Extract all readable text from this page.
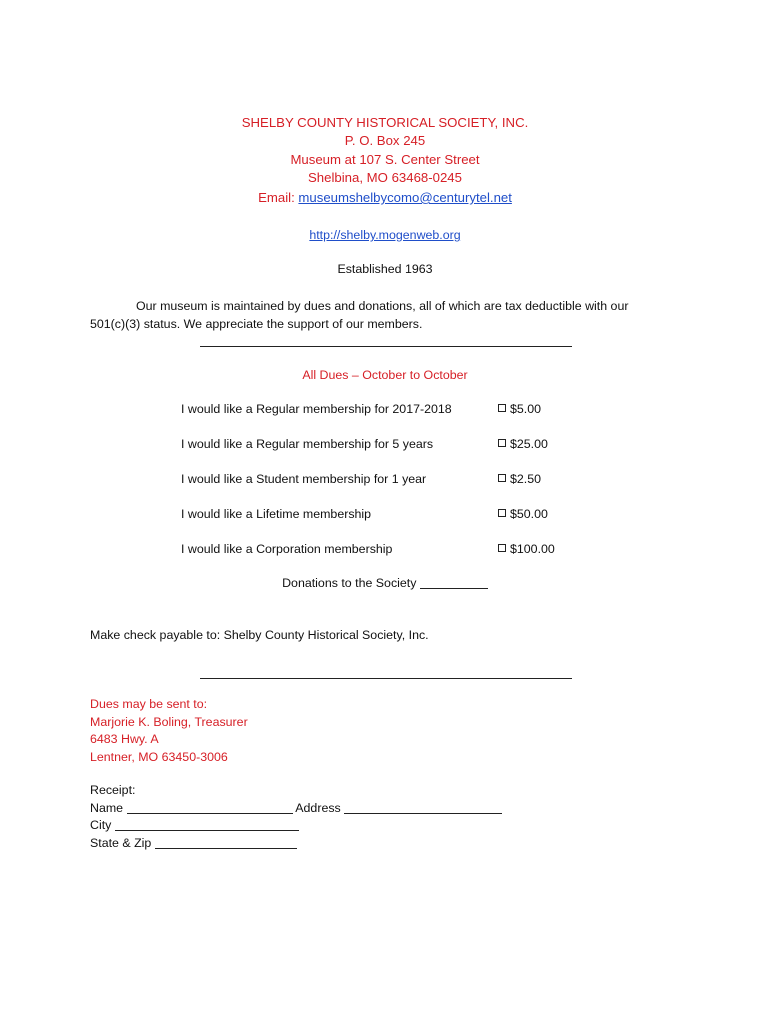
SHELBY COUNTY HISTORICAL SOCIETY, INC.
P. O. Box 245
Museum at 107 S. Center Street
Shelbina, MO 63468-0245
Email: museumshelbycomo@centurytel.net
http://shelby.mogenweb.org
Established 1963
Our museum is maintained by dues and donations, all of which are tax deductible with our
501(c)(3) status. We appreciate the support of our members.
All Dues – October to October
I would like a Regular membership for 2017-2018	$5.00
I would like a Regular membership for 5 years	$25.00
I would like a Student membership for 1 year	$2.50
I would like a Lifetime membership	$50.00
I would like a Corporation membership	$100.00
Donations to the Society
Make check payable to: Shelby County Historical Society, Inc.
Dues may be sent to:
Marjorie K. Boling, Treasurer
6483 Hwy. A
Lentner, MO 63450-3006
Receipt:
Name	Address
City
State & Zip
